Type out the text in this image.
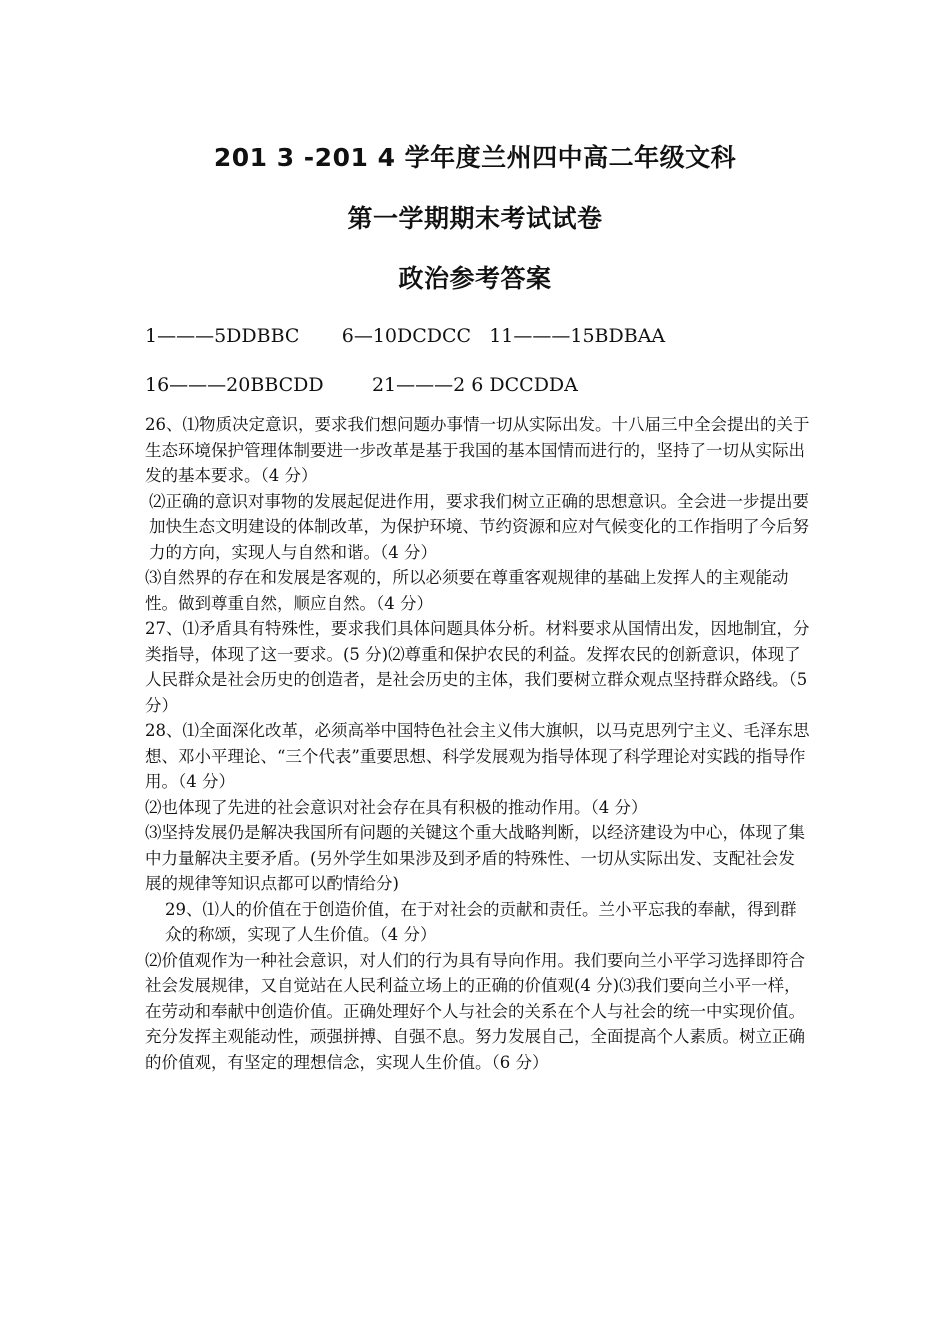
201 3 -201 4 学年度兰州四中高二年级文科
第一学期期末考试试卷
政治参考答案
1———5DDBBC       6—10DCDCC   11———15BDBAA
16———20BBCDD        21———2 6 DCCDDA

26、⑴物质决定意识，要求我们想问题办事情一切从实际出发。十八届三中全会提出的关于生态环境保护管理体制要进一步改革是基于我国的基本国情而进行的，坚持了一切从实际出发的基本要求。（4 分）

⑵正确的意识对事物的发展起促进作用，要求我们树立正确的思想意识。全会进一步提出要加快生态文明建设的体制改革，为保护环境、节约资源和应对气候变化的工作指明了今后努力的方向，实现人与自然和谐。（4 分）

⑶自然界的存在和发展是客观的，所以必须要在尊重客观规律的基础上发挥人的主观能动性。做到尊重自然，顺应自然。（4 分）

27、⑴矛盾具有特殊性，要求我们具体问题具体分析。材料要求从国情出发，因地制宜，分类指导，体现了这一要求。(5 分)⑵尊重和保护农民的利益。发挥农民的创新意识，体现了人民群众是社会历史的创造者，是社会历史的主体，我们要树立群众观点坚持群众路线。（5 分）

28、⑴全面深化改革，必须高举中国特色社会主义伟大旗帜，以马克思列宁主义、毛泽东思想、邓小平理论、“三个代表”重要思想、科学发展观为指导体现了科学理论对实践的指导作用。（4 分）

⑵也体现了先进的社会意识对社会存在具有积极的推动作用。（4 分）

⑶坚持发展仍是解决我国所有问题的关键这个重大战略判断，以经济建设为中心，体现了集中力量解决主要矛盾。(另外学生如果涉及到矛盾的特殊性、一切从实际出发、支配社会发展的规律等知识点都可以酌情给分)

29、⑴人的价值在于创造价值，在于对社会的贡献和责任。兰小平忘我的奉献，得到群众的称颂，实现了人生价值。（4 分）

⑵价值观作为一种社会意识，对人们的行为具有导向作用。我们要向兰小平学习选择即符合社会发展规律，又自觉站在人民利益立场上的正确的价值观(4 分)⑶我们要向兰小平一样，在劳动和奉献中创造价值。正确处理好个人与社会的关系在个人与社会的统一中实现价值。充分发挥主观能动性，顽强拼搏、自强不息。努力发展自己，全面提高个人素质。树立正确的价值观，有坚定的理想信念，实现人生价值。（6 分）
